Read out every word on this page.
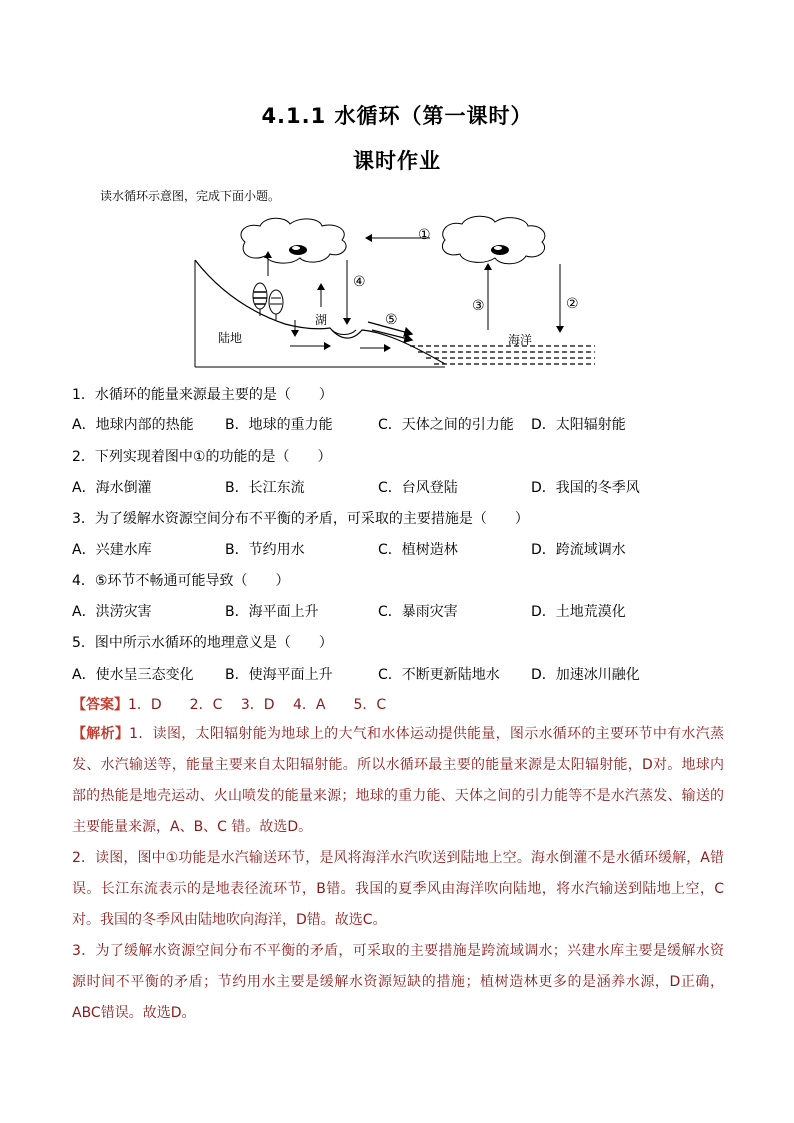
4.1.1 水循环（第一课时）
课时作业
读水循环示意图，完成下面小题。
①
④
③	②
湖	⑤
陆地	海洋
1．水循环的能量来源最主要的是（　　）
A．地球内部的热能 B．地球的重力能	C．天体之间的引力能 D．太阳辐射能
2．下列实现着图中①的功能的是（　　）
A．海水倒灌	B．长江东流	C．台风登陆	D．我国的冬季风
3．为了缓解水资源空间分布不平衡的矛盾，可采取的主要措施是（　　）
A．兴建水库	B．节约用水	C．植树造林	D．跨流域调水
4．⑤环节不畅通可能导致（　　）
A．洪涝灾害	B．海平面上升	C．暴雨灾害	D．土地荒漠化
5．图中所示水循环的地理意义是（　　）
A．使水呈三态变化 B．使海平面上升	C．不断更新陆地水 D．加速冰川融化
【答案】1．D　　2．C　 3．D　 4．A　　5．C
【解析】1．读图，太阳辐射能为地球上的大气和水体运动提供能量，图示水循环的主要环节中有水汽蒸发、水汽输送等，能量主要来自太阳辐射能。所以水循环最主要的能量来源是太阳辐射能，D对。地球内部的热能是地壳运动、火山喷发的能量来源；地球的重力能、天体之间的引力能等不是水汽蒸发、输送的主要能量来源，A、B、C 错。故选D。
2．读图，图中①功能是水汽输送环节，是风将海洋水汽吹送到陆地上空。海水倒灌不是水循环缓解，A错误。长江东流表示的是地表径流环节，B错。我国的夏季风由海洋吹向陆地，将水汽输送到陆地上空，C对。我国的冬季风由陆地吹向海洋，D错。故选C。
3．为了缓解水资源空间分布不平衡的矛盾，可采取的主要措施是跨流域调水；兴建水库主要是缓解水资源时间不平衡的矛盾；节约用水主要是缓解水资源短缺的措施；植树造林更多的是涵养水源，D正确，ABC错误。故选D。
